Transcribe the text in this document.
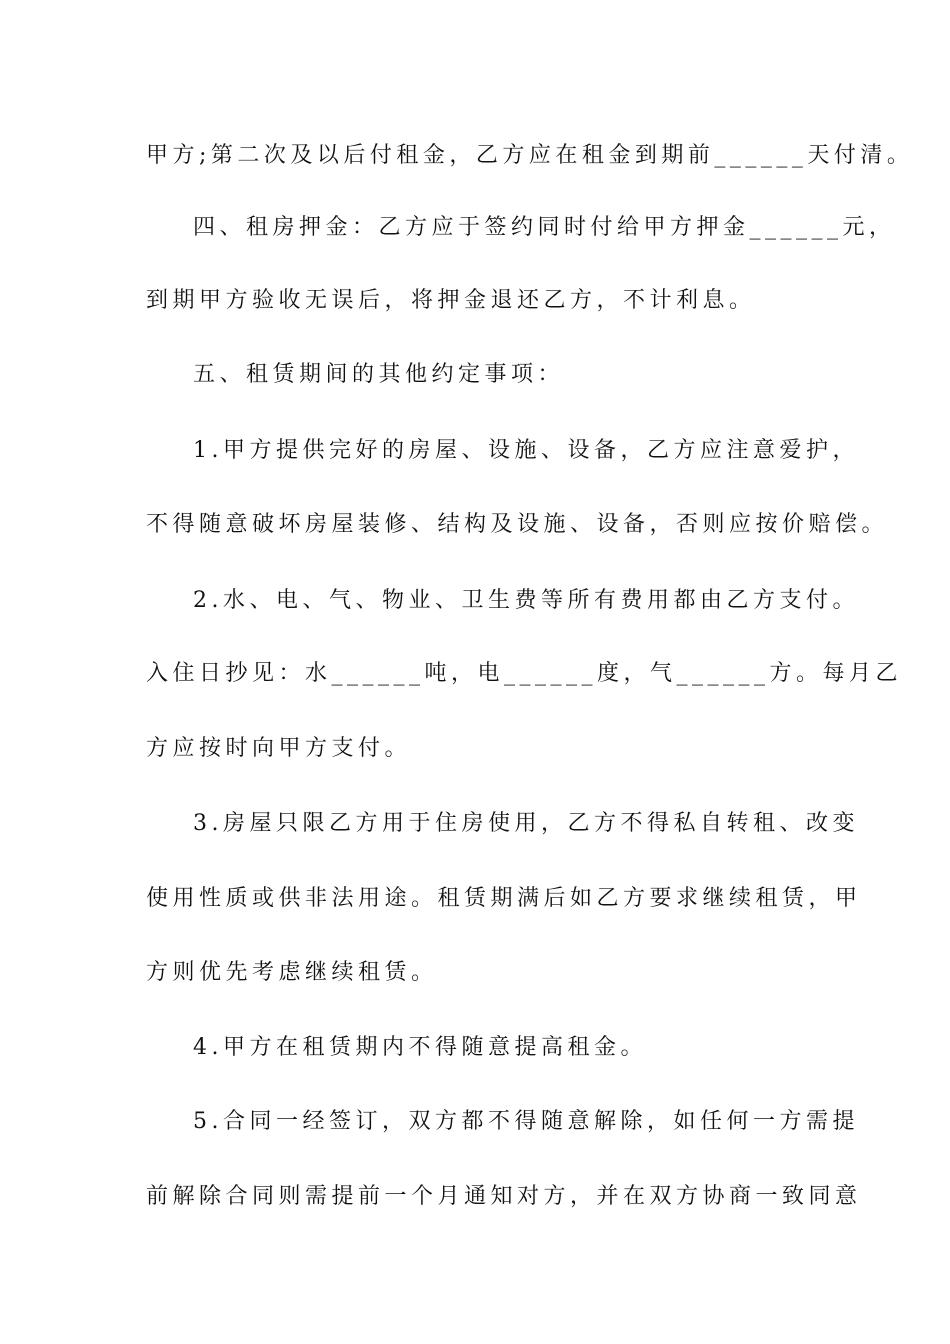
甲方;第二次及以后付租金，乙方应在租金到期前______天付清。
四、租房押金：乙方应于签约同时付给甲方押金______元，
到期甲方验收无误后，将押金退还乙方，不计利息。
五、租赁期间的其他约定事项：
1.甲方提供完好的房屋、设施、设备，乙方应注意爱护，
不得随意破坏房屋装修、结构及设施、设备，否则应按价赔偿。
2.水、电、气、物业、卫生费等所有费用都由乙方支付。
入住日抄见：水______吨，电______度，气______方。每月乙
方应按时向甲方支付。
3.房屋只限乙方用于住房使用，乙方不得私自转租、改变
使用性质或供非法用途。租赁期满后如乙方要求继续租赁，甲
方则优先考虑继续租赁。
4.甲方在租赁期内不得随意提高租金。
5.合同一经签订，双方都不得随意解除，如任何一方需提
前解除合同则需提前一个月通知对方，并在双方协商一致同意
